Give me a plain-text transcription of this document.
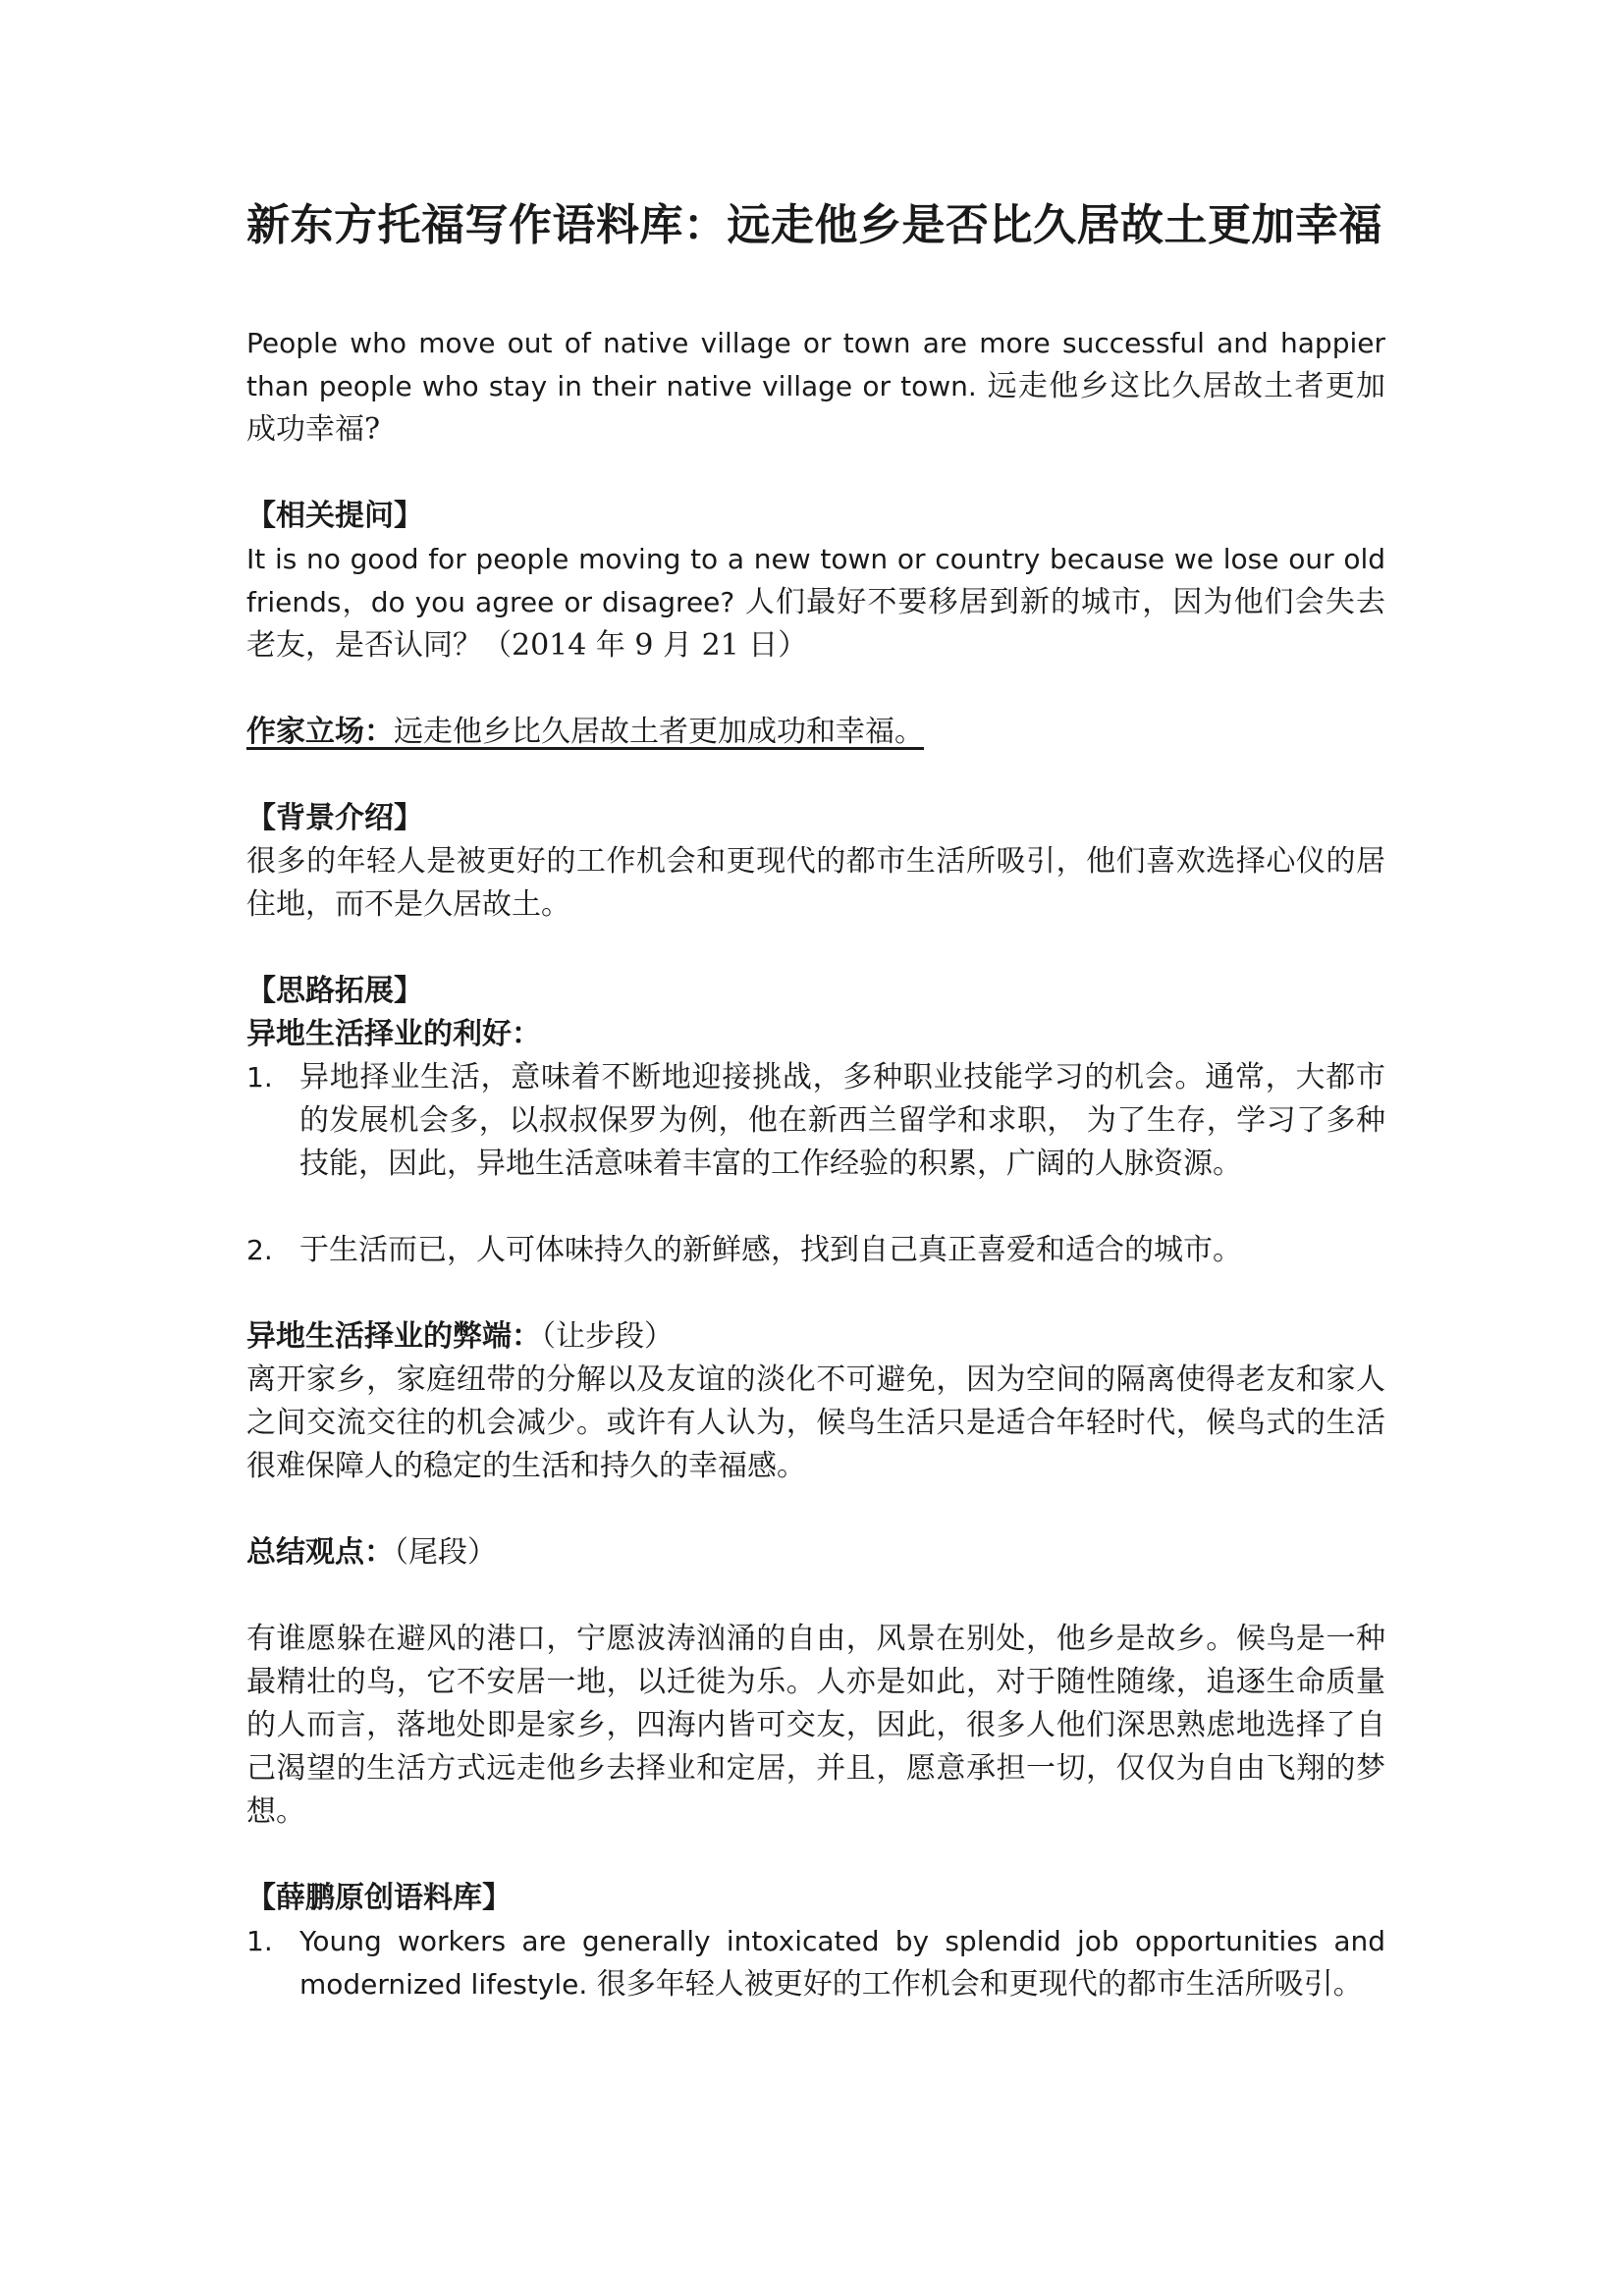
新东方托福写作语料库：远走他乡是否比久居故土更加幸福

People who move out of native village or town are more successful and happier than people who stay in their native village or town. 远走他乡这比久居故土者更加成功幸福?

【相关提问】

It is no good for people moving to a new town or country because we lose our old friends，do you agree or disagree? 人们最好不要移居到新的城市，因为他们会失去老友，是否认同？（2014 年 9 月 21 日）

作家立场：远走他乡比久居故土者更加成功和幸福。

【背景介绍】

很多的年轻人是被更好的工作机会和更现代的都市生活所吸引，他们喜欢选择心仪的居住地，而不是久居故土。

【思路拓展】

异地生活择业的利好：

1. 异地择业生活，意味着不断地迎接挑战，多种职业技能学习的机会。通常，大都市的发展机会多，以叔叔保罗为例，他在新西兰留学和求职， 为了生存，学习了多种技能，因此，异地生活意味着丰富的工作经验的积累，广阔的人脉资源。
2. 于生活而已，人可体味持久的新鲜感，找到自己真正喜爱和适合的城市。

异地生活择业的弊端：（让步段）

离开家乡，家庭纽带的分解以及友谊的淡化不可避免，因为空间的隔离使得老友和家人之间交流交往的机会减少。或许有人认为，候鸟生活只是适合年轻时代，候鸟式的生活很难保障人的稳定的生活和持久的幸福感。

总结观点：（尾段）

有谁愿躲在避风的港口，宁愿波涛汹涌的自由，风景在别处，他乡是故乡。候鸟是一种最精壮的鸟，它不安居一地，以迁徙为乐。人亦是如此，对于随性随缘，追逐生命质量的人而言，落地处即是家乡，四海内皆可交友，因此，很多人他们深思熟虑地选择了自己渴望的生活方式远走他乡去择业和定居，并且，愿意承担一切，仅仅为自由飞翔的梦想。

【薛鹏原创语料库】

1. Young workers are generally intoxicated by splendid job opportunities and modernized lifestyle. 很多年轻人被更好的工作机会和更现代的都市生活所吸引。
